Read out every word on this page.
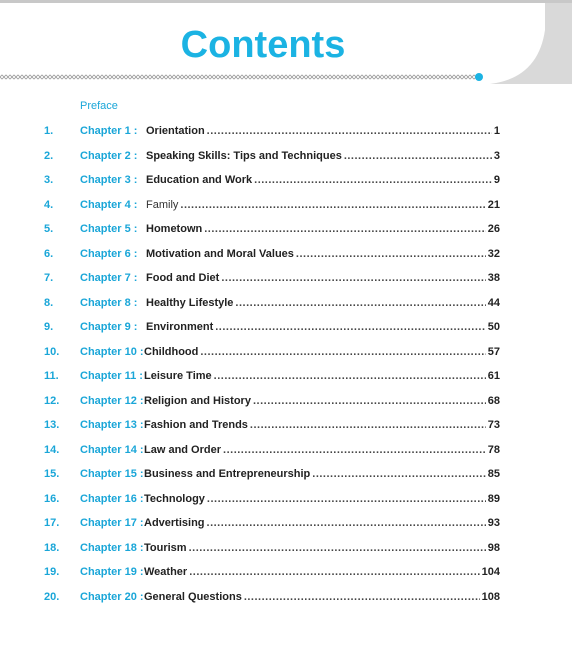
Contents
Preface
1. Chapter 1 : Orientation .....	1
2. Chapter 2 : Speaking Skills: Tips and Techniques .....	3
3. Chapter 3 : Education and Work .....	9
4. Chapter 4 : Family .....	21
5. Chapter 5 : Hometown .....	26
6. Chapter 6 : Motivation and Moral Values .....	32
7. Chapter 7 : Food and Diet .....	38
8. Chapter 8 : Healthy Lifestyle .....	44
9. Chapter 9 : Environment .....	50
10. Chapter 10 : Childhood .....	57
11. Chapter 11 : Leisure Time .....	61
12. Chapter 12 : Religion and History .....	68
13. Chapter 13 : Fashion and Trends .....	73
14. Chapter 14 : Law and Order .....	78
15. Chapter 15 : Business and Entrepreneurship .....	85
16. Chapter 16 : Technology .....	89
17. Chapter 17 : Advertising .....	93
18. Chapter 18 : Tourism .....	98
19. Chapter 19 : Weather .....	104
20. Chapter 20 : General Questions .....	108
